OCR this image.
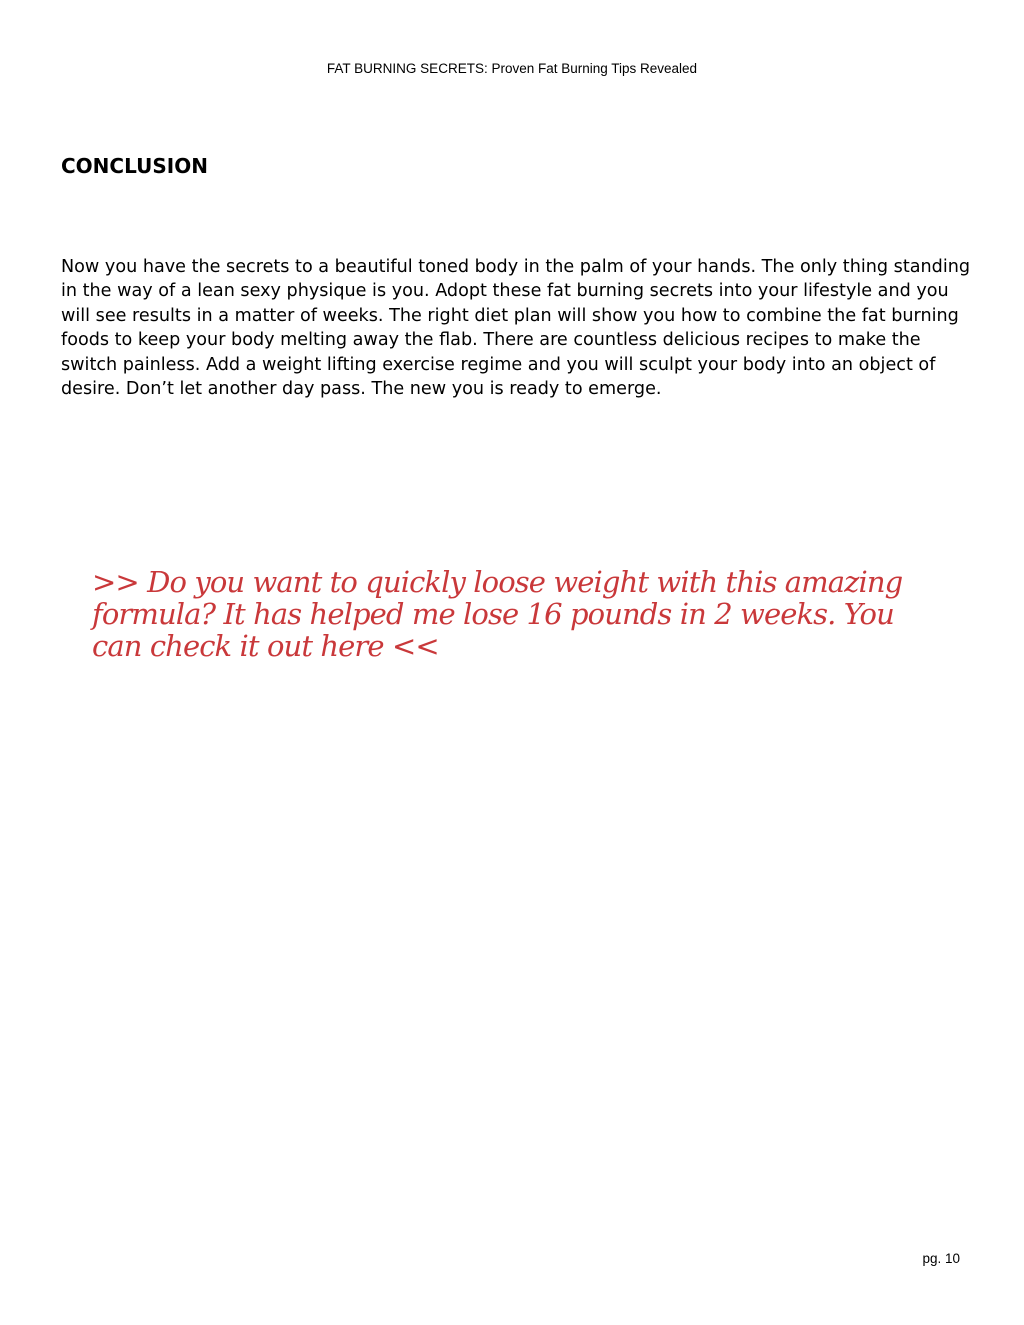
FAT BURNING SECRETS: Proven Fat Burning Tips Revealed
CONCLUSION

Now you have the secrets to a beautiful toned body in the palm of your hands. The only thing standing in the way of a lean sexy physique is you. Adopt these fat burning secrets into your lifestyle and you will see results in a matter of weeks. The right diet plan will show you how to combine the fat burning foods to keep your body melting away the flab. There are countless delicious recipes to make the switch painless. Add a weight lifting exercise regime and you will sculpt your body into an object of desire. Don’t let another day pass. The new you is ready to emerge.

>> Do you want to quickly loose weight with this amazing formula? It has helped me lose 16 pounds in 2 weeks. You can check it out here <<
pg. 10
